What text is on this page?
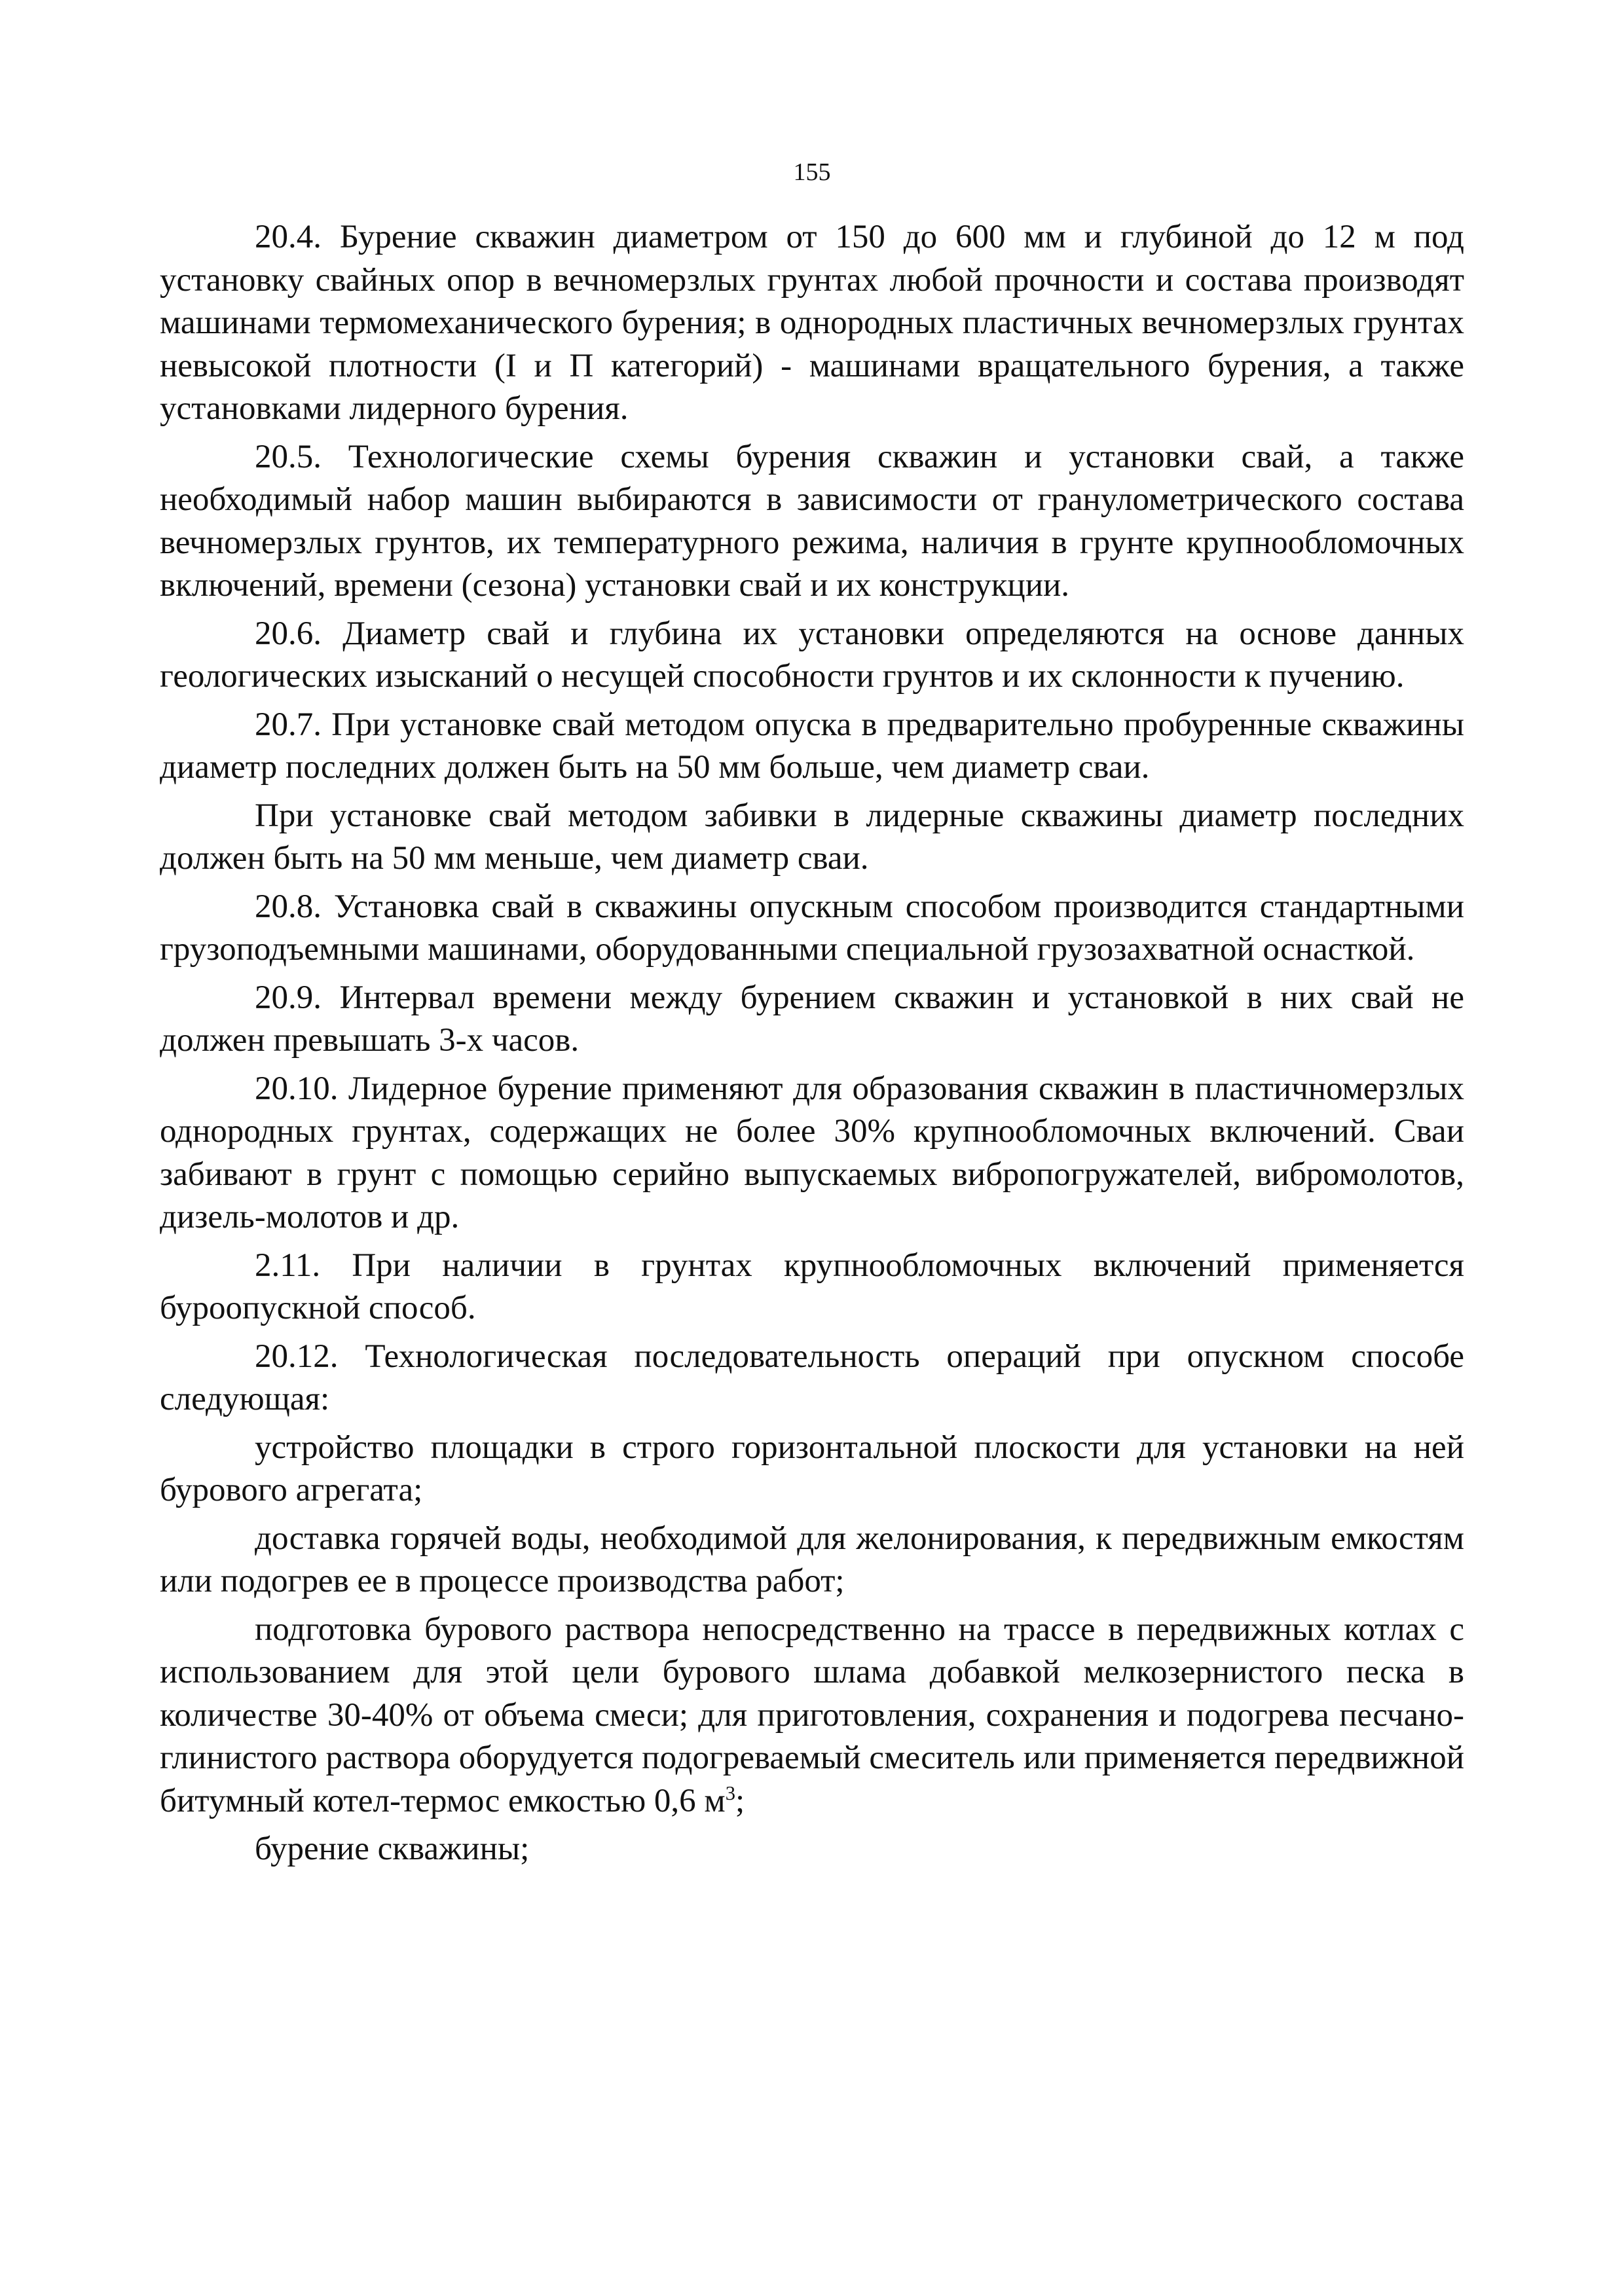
155

20.4. Бурение скважин диаметром от 150 до 600 мм и глубиной до 12 м под установку свайных опор в вечномерзлых грунтах любой прочности и состава производят машинами термомеханического бурения; в однородных пластичных вечномерзлых грунтах невысокой плотности (I и П категорий) - машинами вращательного бурения, а также установками лидерного бурения.

20.5. Технологические схемы бурения скважин и установки свай, а также необходимый набор машин выбираются в зависимости от гранулометрического состава вечномерзлых грунтов, их температурного режима, наличия в грунте крупнообломочных включений, времени (сезона) установки свай и их конструкции.

20.6. Диаметр свай и глубина их установки определяются на основе данных геологических изысканий о несущей способности грунтов и их склонности к пучению.

20.7. При установке свай методом опуска в предварительно пробуренные скважины диаметр последних должен быть на 50 мм больше, чем диаметр сваи.

При установке свай методом забивки в лидерные скважины диаметр последних должен быть на 50 мм меньше, чем диаметр сваи.

20.8. Установка свай в скважины опускным способом производится стандартными грузоподъемными машинами, оборудованными специальной грузозахватной оснасткой.

20.9. Интервал времени между бурением скважин и установкой в них свай не должен превышать 3-х часов.

20.10. Лидерное бурение применяют для образования скважин в пластичномерзлых однородных грунтах, содержащих не более 30% крупнообломочных включений. Сваи забивают в грунт с помощью серийно выпускаемых вибропогружателей, вибромолотов, дизель-молотов и др.

2.11. При наличии в грунтах крупнообломочных включений применяется буроопускной способ.

20.12. Технологическая последовательность операций при опускном способе следующая:

устройство площадки в строго горизонтальной плоскости для установки на ней бурового агрегата;

доставка горячей воды, необходимой для желонирования, к передвижным емкостям или подогрев ее в процессе производства работ;

подготовка бурового раствора непосредственно на трассе в передвижных котлах с использованием для этой цели бурового шлама добавкой мелкозернистого песка в количестве 30-40% от объема смеси; для приготовления, сохранения и подогрева песчано-глинистого раствора оборудуется подогреваемый смеситель или применяется передвижной битумный котел-термос емкостью 0,6 $м^3$;

бурение скважины;
